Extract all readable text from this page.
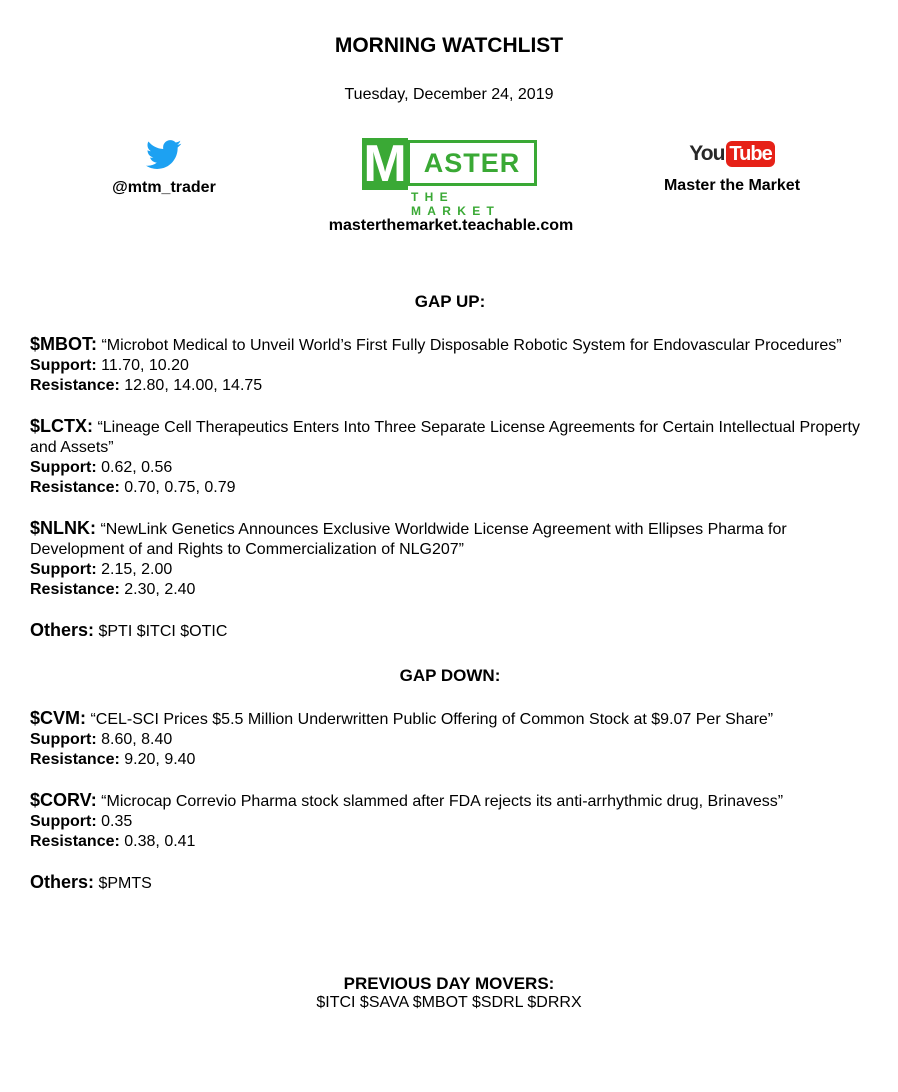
MORNING WATCHLIST
Tuesday, December 24, 2019
@mtm_trader	M ASTER
THE MARKET
masterthemarket.teachable.com
You Tube
Master the Market
GAP UP:
$MBOT: “Microbot Medical to Unveil World’s First Fully Disposable Robotic System for Endovascular Procedures”
Support: 11.70, 10.20
Resistance: 12.80, 14.00, 14.75
$LCTX: “Lineage Cell Therapeutics Enters Into Three Separate License Agreements for Certain Intellectual Property and Assets”
Support: 0.62, 0.56
Resistance: 0.70, 0.75, 0.79
$NLNK: “NewLink Genetics Announces Exclusive Worldwide License Agreement with Ellipses Pharma for Development of and Rights to Commercialization of NLG207”
Support: 2.15, 2.00
Resistance: 2.30, 2.40
Others: $PTI $ITCI $OTIC
GAP DOWN:
$CVM: “CEL-SCI Prices $5.5 Million Underwritten Public Offering of Common Stock at $9.07 Per Share”
Support: 8.60, 8.40
Resistance: 9.20, 9.40
$CORV: “Microcap Correvio Pharma stock slammed after FDA rejects its anti-arrhythmic drug, Brinavess”
Support: 0.35
Resistance: 0.38, 0.41
Others: $PMTS
PREVIOUS DAY MOVERS:
$ITCI $SAVA $MBOT $SDRL $DRRX
